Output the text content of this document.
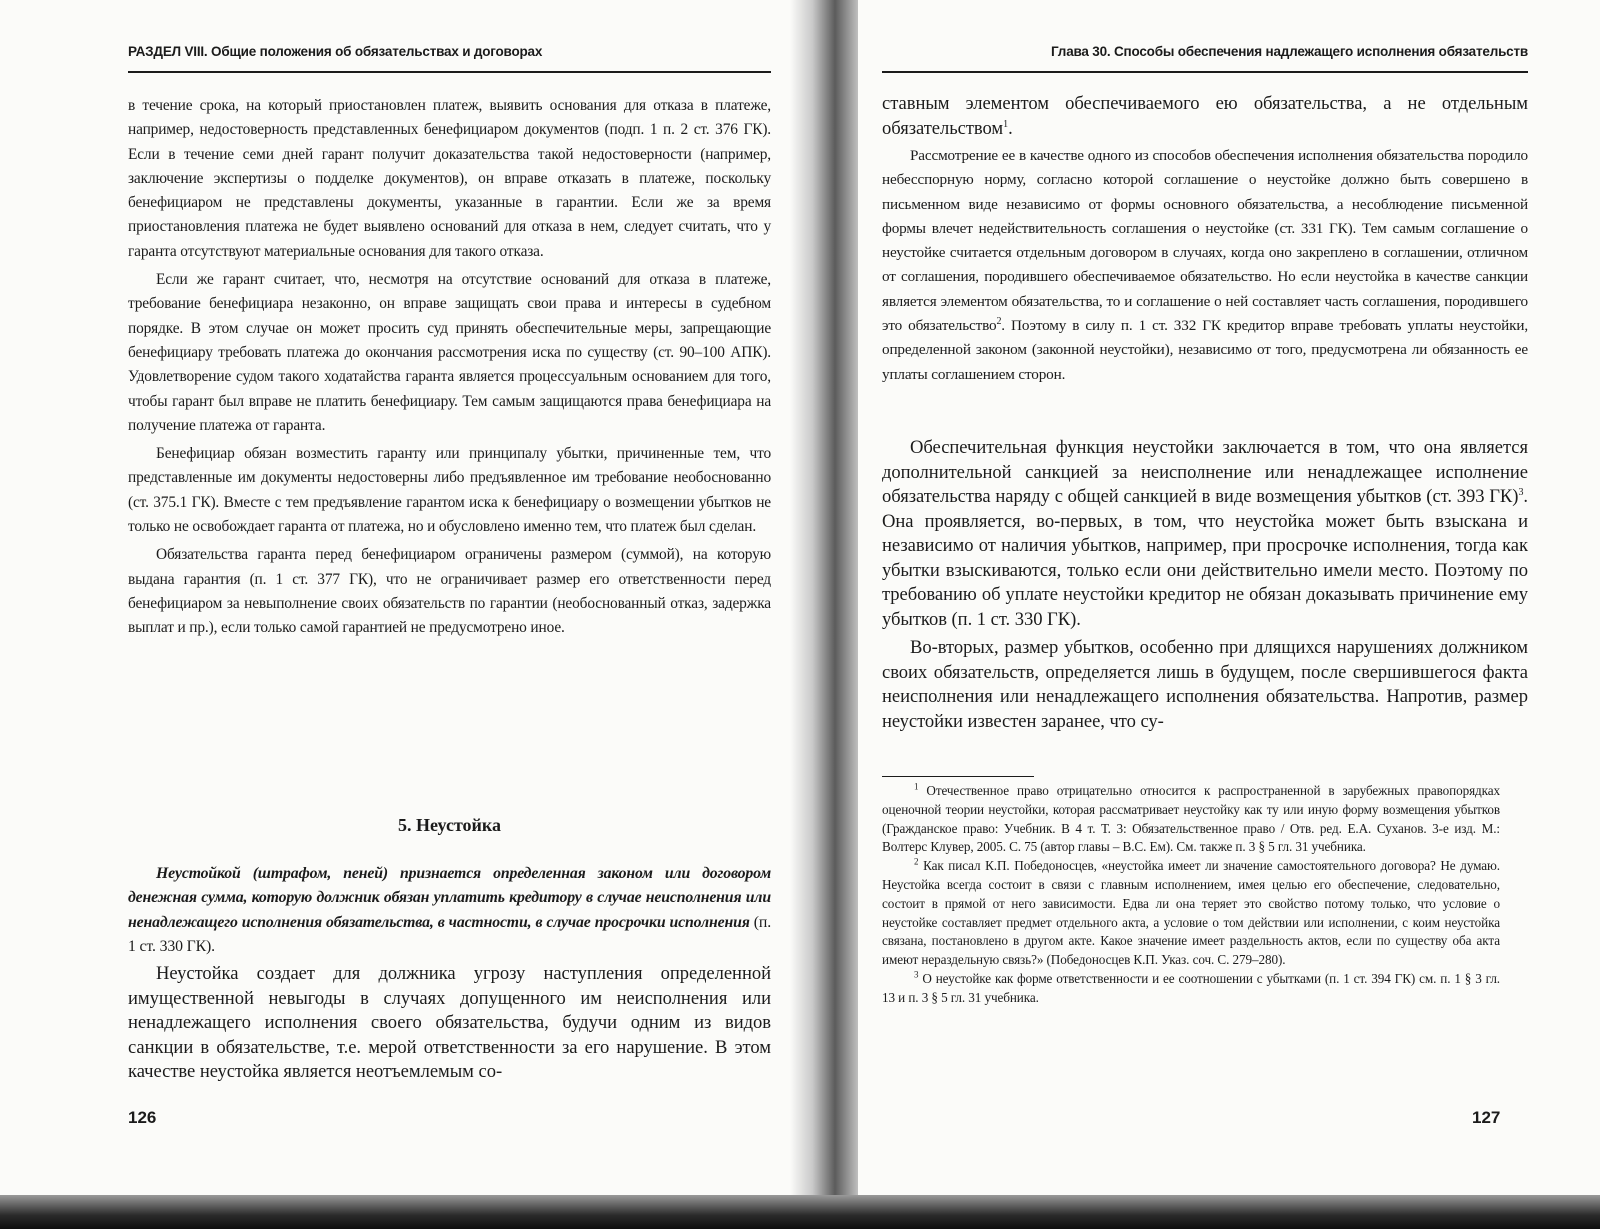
РАЗДЕЛ VIII. Общие положения об обязательствах и договорах

в течение срока, на который приостановлен платеж, выявить основания для отказа в платеже, например, недостоверность представленных бенефициаром документов (подп. 1 п. 2 ст. 376 ГК). Если в течение семи дней гарант получит доказательства такой недостоверности (например, заключение экспертизы о подделке документов), он вправе отказать в платеже, поскольку бенефициаром не представлены документы, указанные в гарантии. Если же за время приостановления платежа не будет выявлено оснований для отказа в нем, следует считать, что у гаранта отсутствуют материальные основания для такого отказа.

Если же гарант считает, что, несмотря на отсутствие оснований для отказа в платеже, требование бенефициара незаконно, он вправе защищать свои права и интересы в судебном порядке. В этом случае он может просить суд принять обеспечительные меры, запрещающие бенефициару требовать платежа до окончания рассмотрения иска по существу (ст. 90–100 АПК). Удовлетворение судом такого ходатайства гаранта является процессуальным основанием для того, чтобы гарант был вправе не платить бенефициару. Тем самым защищаются права бенефициара на получение платежа от гаранта.

Бенефициар обязан возместить гаранту или принципалу убытки, причиненные тем, что представленные им документы недостоверны либо предъявленное им требование необоснованно (ст. 375.1 ГК). Вместе с тем предъявление гарантом иска к бенефициару о возмещении убытков не только не освобождает гаранта от платежа, но и обусловлено именно тем, что платеж был сделан.

Обязательства гаранта перед бенефициаром ограничены размером (суммой), на которую выдана гарантия (п. 1 ст. 377 ГК), что не ограничивает размер его ответственности перед бенефициаром за невыполнение своих обязательств по гарантии (необоснованный отказ, задержка выплат и пр.), если только самой гарантией не предусмотрено иное.

5. Неустойка

Неустойкой (штрафом, пеней) признается определенная законом или договором денежная сумма, которую должник обязан уплатить кредитору в случае неисполнения или ненадлежащего исполнения обязательства, в частности, в случае просрочки исполнения (п. 1 ст. 330 ГК).

Неустойка создает для должника угрозу наступления определенной имущественной невыгоды в случаях допущенного им неисполнения или ненадлежащего исполнения своего обязательства, будучи одним из видов санкции в обязательстве, т.е. мерой ответственности за его нарушение. В этом качестве неустойка является неотъемлемым со-

126
Глава 30. Способы обеспечения надлежащего исполнения обязательств

ставным элементом обеспечиваемого ею обязательства, а не отдельным обязательством$^1$.

Рассмотрение ее в качестве одного из способов обеспечения исполнения обязательства породило небесспорную норму, согласно которой соглашение о неустойке должно быть совершено в письменном виде независимо от формы основного обязательства, а несоблюдение письменной формы влечет недействительность соглашения о неустойке (ст. 331 ГК). Тем самым соглашение о неустойке считается отдельным договором в случаях, когда оно закреплено в соглашении, отличном от соглашения, породившего обеспечиваемое обязательство. Но если неустойка в качестве санкции является элементом обязательства, то и соглашение о ней составляет часть соглашения, породившего это обязательство$^2$. Поэтому в силу п. 1 ст. 332 ГК кредитор вправе требовать уплаты неустойки, определенной законом (законной неустойки), независимо от того, предусмотрена ли обязанность ее уплаты соглашением сторон.

Обеспечительная функция неустойки заключается в том, что она является дополнительной санкцией за неисполнение или ненадлежащее исполнение обязательства наряду с общей санкцией в виде возмещения убытков (ст. 393 ГК)$^3$. Она проявляется, во-первых, в том, что неустойка может быть взыскана и независимо от наличия убытков, например, при просрочке исполнения, тогда как убытки взыскиваются, только если они действительно имели место. Поэтому по требованию об уплате неустойки кредитор не обязан доказывать причинение ему убытков (п. 1 ст. 330 ГК).

Во-вторых, размер убытков, особенно при длящихся нарушениях должником своих обязательств, определяется лишь в будущем, после свершившегося факта неисполнения или ненадлежащего исполнения обязательства. Напротив, размер неустойки известен заранее, что су-

$^1$ Отечественное право отрицательно относится к распространенной в зарубежных правопорядках оценочной теории неустойки, которая рассматривает неустойку как ту или иную форму возмещения убытков (Гражданское право: Учебник. В 4 т. Т. 3: Обязательственное право / Отв. ред. Е.А. Суханов. 3-е изд. М.: Волтерс Клувер, 2005. С. 75 (автор главы – В.С. Ем). См. также п. 3 § 5 гл. 31 учебника.

$^2$ Как писал К.П. Победоносцев, «неустойка имеет ли значение самостоятельного договора? Не думаю. Неустойка всегда состоит в связи с главным исполнением, имея целью его обеспечение, следовательно, состоит в прямой от него зависимости. Едва ли она теряет это свойство потому только, что условие о неустойке составляет предмет отдельного акта, а условие о том действии или исполнении, с коим неустойка связана, постановлено в другом акте. Какое значение имеет раздельность актов, если по существу оба акта имеют нераздельную связь?» (Победоносцев К.П. Указ. соч. С. 279–280).

$^3$ О неустойке как форме ответственности и ее соотношении с убытками (п. 1 ст. 394 ГК) см. п. 1 § 3 гл. 13 и п. 3 § 5 гл. 31 учебника.

127
